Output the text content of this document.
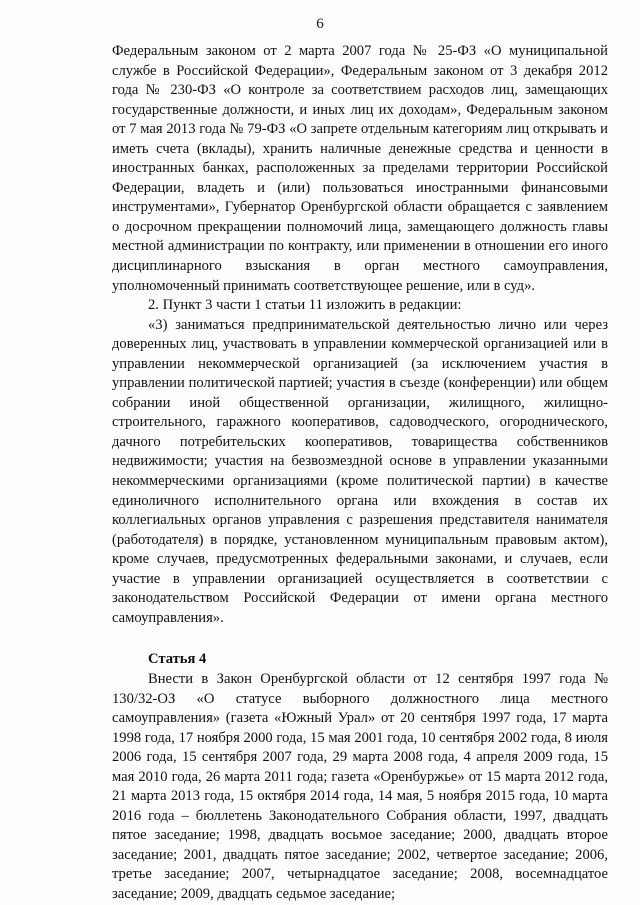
6

Федеральным законом от 2 марта 2007 года № 25-ФЗ «О муниципальной службе в Российской Федерации», Федеральным законом от 3 декабря 2012 года № 230-ФЗ «О контроле за соответствием расходов лиц, замещающих государственные должности, и иных лиц их доходам», Федеральным законом от 7 мая 2013 года № 79-ФЗ «О запрете отдельным категориям лиц открывать и иметь счета (вклады), хранить наличные денежные средства и ценности в иностранных банках, расположенных за пределами территории Российской Федерации, владеть и (или) пользоваться иностранными финансовыми инструментами», Губернатор Оренбургской области обращается с заявлением о досрочном прекращении полномочий лица, замещающего должность главы местной администрации по контракту, или применении в отношении его иного дисциплинарного взыскания в орган местного самоуправления, уполномоченный принимать соответствующее решение, или в суд».

2. Пункт 3 части 1 статьи 11 изложить в редакции:

«3) заниматься предпринимательской деятельностью лично или через доверенных лиц, участвовать в управлении коммерческой организацией или в управлении некоммерческой организацией (за исключением участия в управлении политической партией; участия в съезде (конференции) или общем собрании иной общественной организации, жилищного, жилищно-строительного, гаражного кооперативов, садоводческого, огороднического, дачного потребительских кооперативов, товарищества собственников недвижимости; участия на безвозмездной основе в управлении указанными некоммерческими организациями (кроме политической партии) в качестве единоличного исполнительного органа или вхождения в состав их коллегиальных органов управления с разрешения представителя нанимателя (работодателя) в порядке, установленном муниципальным правовым актом), кроме случаев, предусмотренных федеральными законами, и случаев, если участие в управлении организацией осуществляется в соответствии с законодательством Российской Федерации от имени органа местного самоуправления».

Статья 4

Внести в Закон Оренбургской области от 12 сентября 1997 года № 130/32-ОЗ «О статусе выборного должностного лица местного самоуправления» (газета «Южный Урал» от 20 сентября 1997 года, 17 марта 1998 года, 17 ноября 2000 года, 15 мая 2001 года, 10 сентября 2002 года, 8 июля 2006 года, 15 сентября 2007 года, 29 марта 2008 года, 4 апреля 2009 года, 15 мая 2010 года, 26 марта 2011 года; газета «Оренбуржье» от 15 марта 2012 года, 21 марта 2013 года, 15 октября 2014 года, 14 мая, 5 ноября 2015 года, 10 марта 2016 года – бюллетень Законодательного Собрания области, 1997, двадцать пятое заседание; 1998, двадцать восьмое заседание; 2000, двадцать второе заседание; 2001, двадцать пятое заседание; 2002, четвертое заседание; 2006, третье заседание; 2007, четырнадцатое заседание; 2008, восемнадцатое заседание; 2009, двадцать седьмое заседание;
